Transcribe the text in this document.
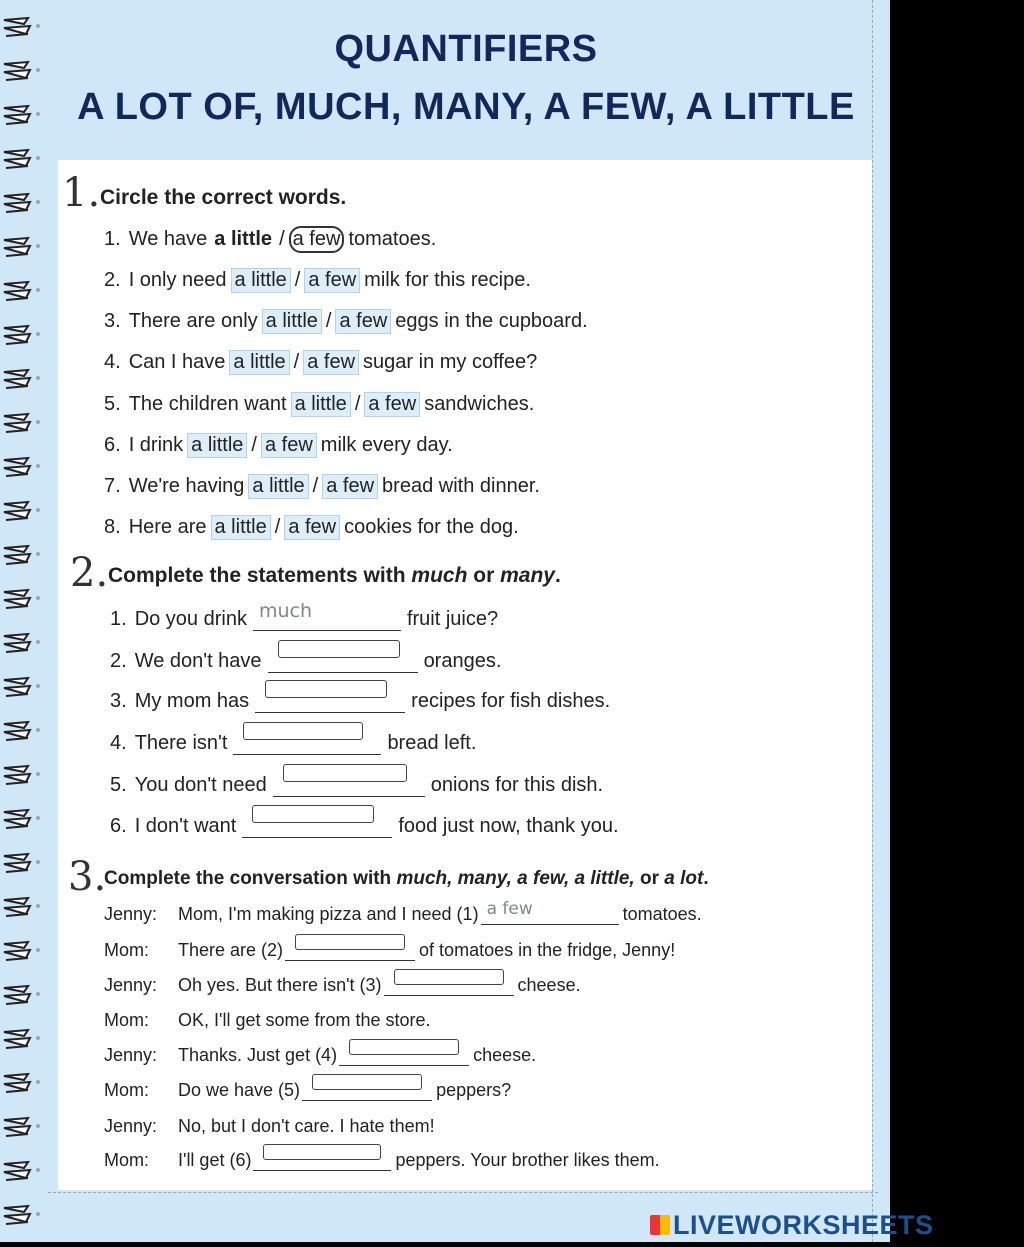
QUANTIFIERS
A LOT OF, MUCH, MANY, A FEW, A LITTLE
1. Circle the correct words.
1. We have a little / a few tomatoes.
2. I only need a little / a few milk for this recipe.
3. There are only a little / a few eggs in the cupboard.
4. Can I have a little / a few sugar in my coffee?
5. The children want a little / a few sandwiches.
6. I drink a little / a few milk every day.
7. We're having a little / a few bread with dinner.
8. Here are a little / a few cookies for the dog.
2. Complete the statements with much or many.
1. Do you drink much	fruit juice?
2. We don't have	oranges.
3. My mom has	recipes for fish dishes.
4. There isn't	bread left.
5. You don't need	onions for this dish.
6. I don't want	food just now, thank you.
3.
Complete the conversation with much, many, a few, a little, or a lot.
Jenny: Mom, I'm making pizza and I need (1) a few	tomatoes.
Mom: There are (2)	of tomatoes in the fridge, Jenny!
Jenny: Oh yes. But there isn't (3)	cheese.
Mom: OK, I'll get some from the store.
Jenny: Thanks. Just get (4)	cheese.
Mom: Do we have (5)	peppers?
Jenny: No, but I don't care. I hate them!
Mom: I'll get (6)	peppers. Your brother likes them.
LIVEWORKSHEETS
